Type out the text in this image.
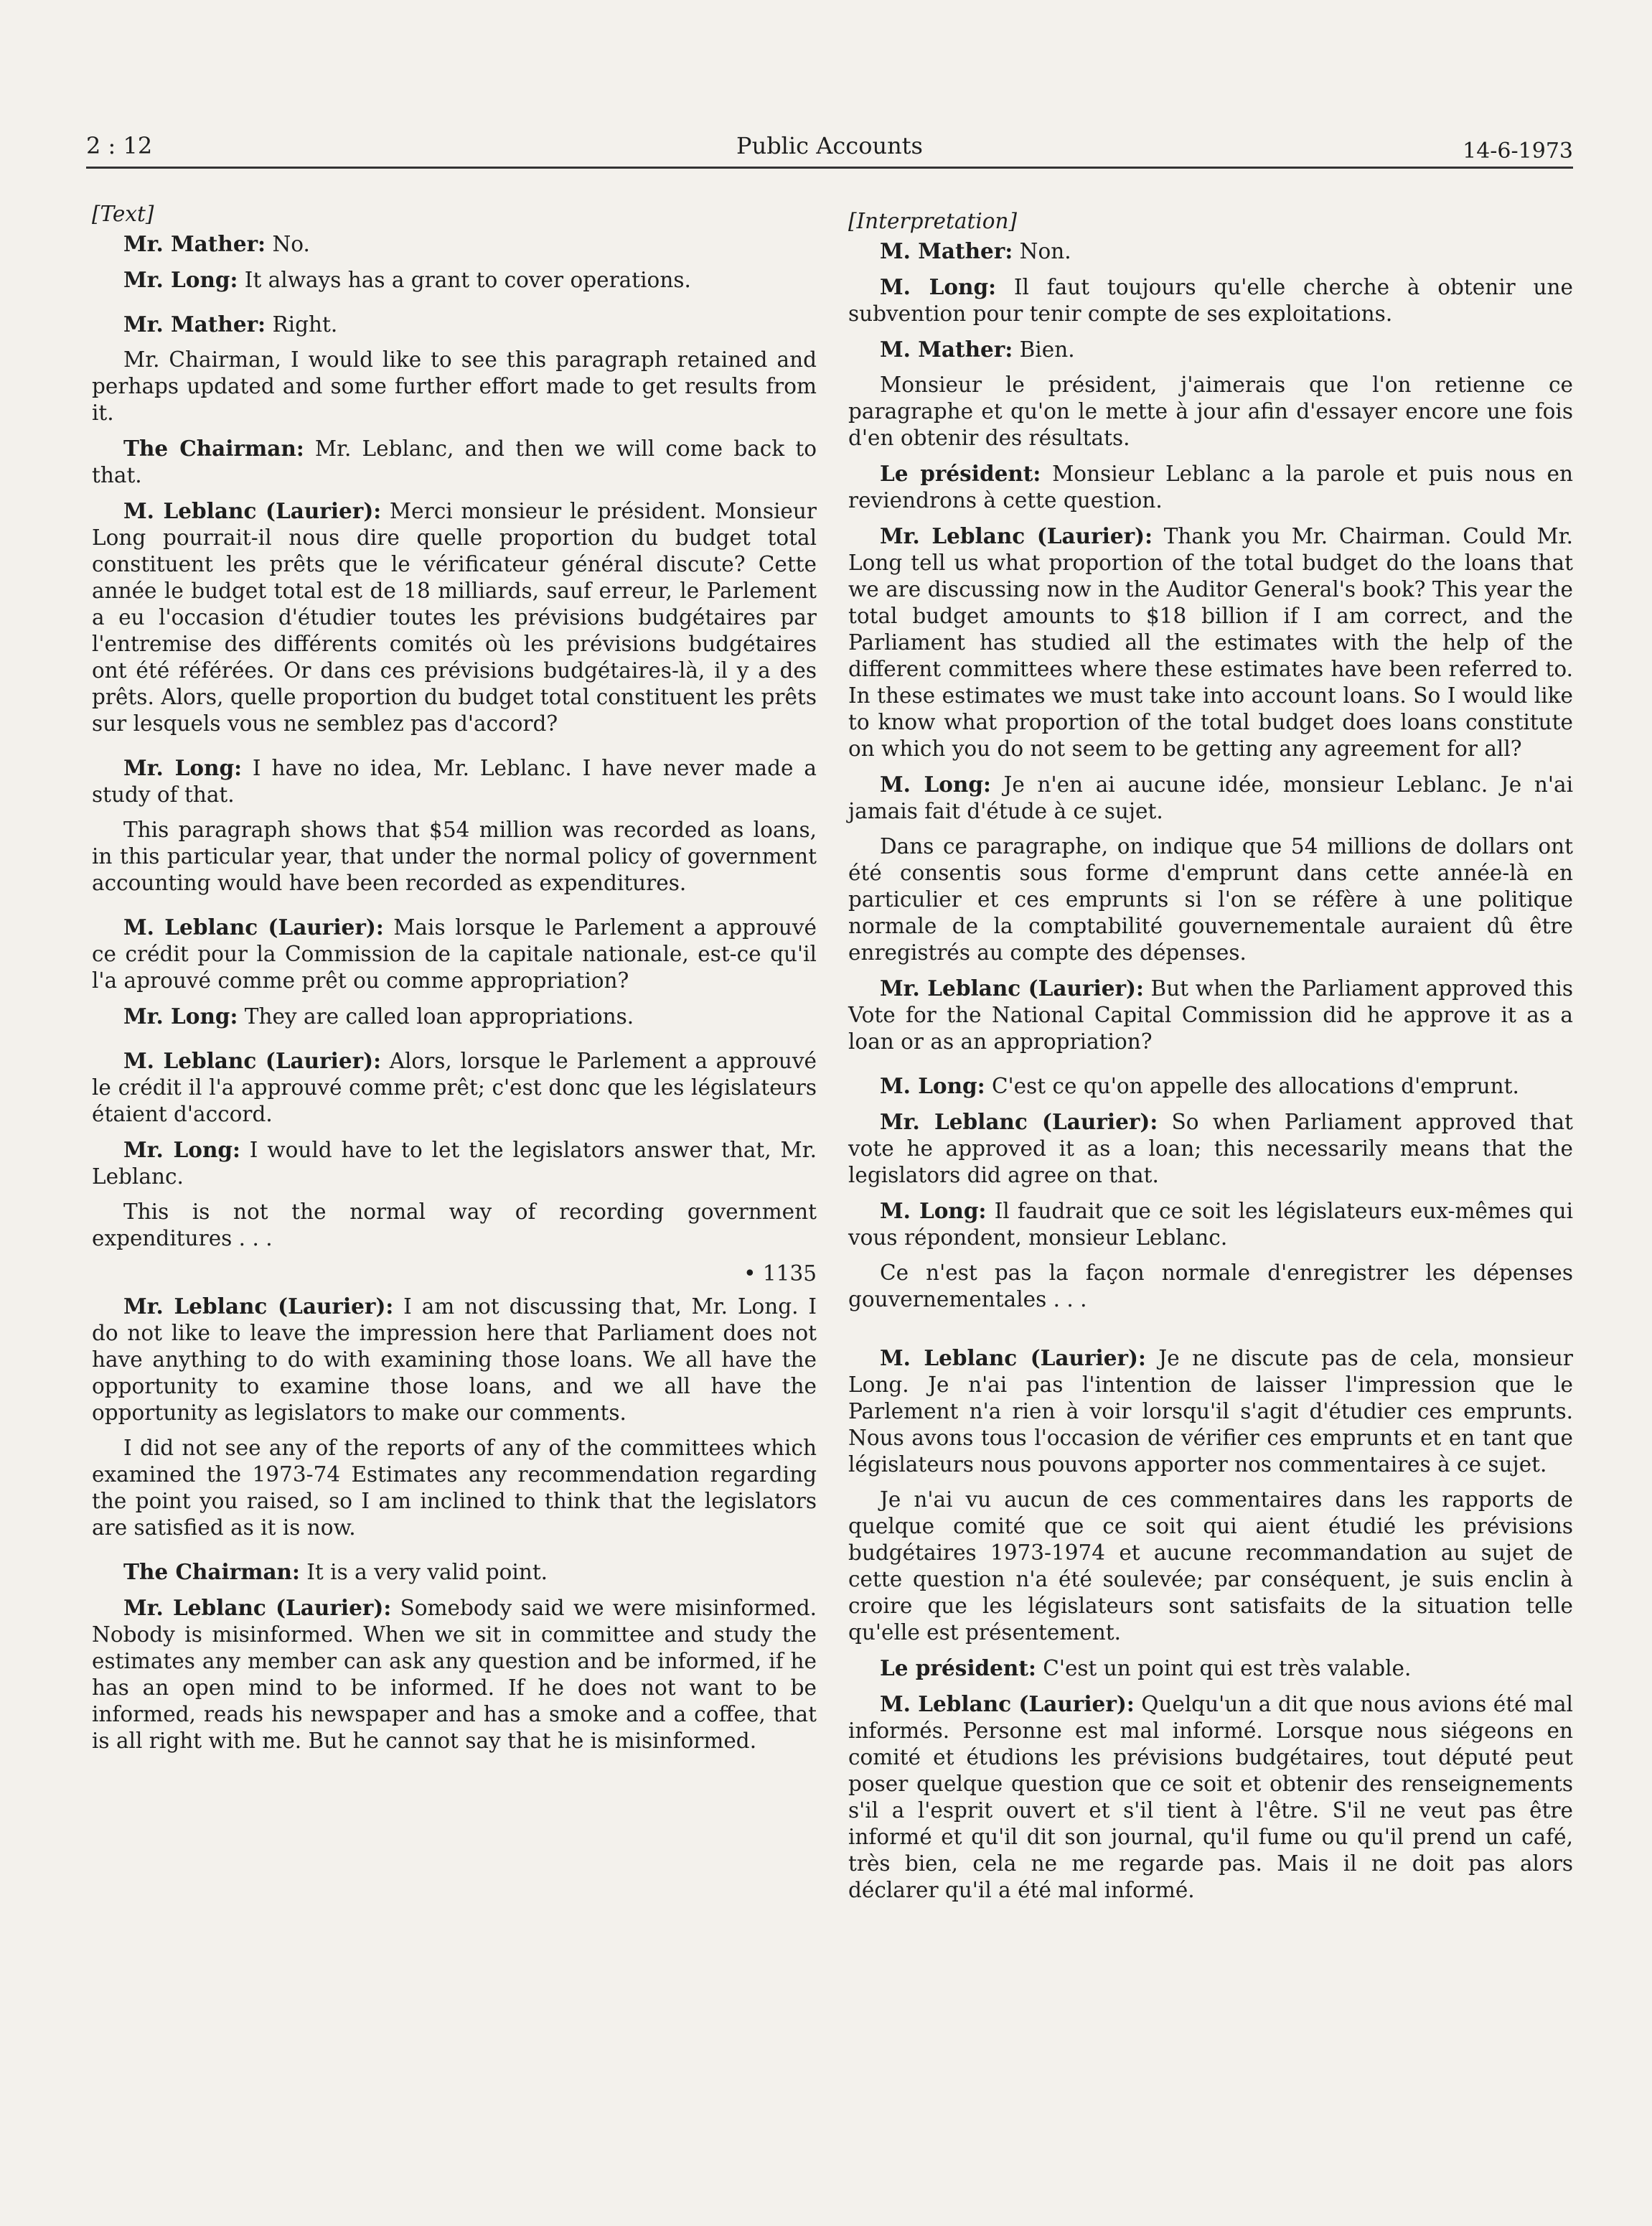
2 : 12	Public Accounts	14-6-1973

[Text]

Mr. Mather: No.

Mr. Long: It always has a grant to cover operations.

Mr. Mather: Right.

Mr. Chairman, I would like to see this paragraph retained and perhaps updated and some further effort made to get results from it.

The Chairman: Mr. Leblanc, and then we will come back to that.

M. Leblanc (Laurier): Merci monsieur le président. Monsieur Long pourrait-il nous dire quelle proportion du budget total constituent les prêts que le vérificateur général discute? Cette année le budget total est de 18 milliards, sauf erreur, le Parlement a eu l'occasion d'étudier toutes les prévisions budgétaires par l'entremise des différents comités où les prévisions budgétaires ont été référées. Or dans ces prévisions budgétaires-là, il y a des prêts. Alors, quelle proportion du budget total constituent les prêts sur lesquels vous ne semblez pas d'accord?

Mr. Long: I have no idea, Mr. Leblanc. I have never made a study of that.

This paragraph shows that $54 million was recorded as loans, in this particular year, that under the normal policy of government accounting would have been recorded as expenditures.

M. Leblanc (Laurier): Mais lorsque le Parlement a approuvé ce crédit pour la Commission de la capitale nationale, est-ce qu'il l'a aprouvé comme prêt ou comme appropriation?

Mr. Long: They are called loan appropriations.

M. Leblanc (Laurier): Alors, lorsque le Parlement a approuvé le crédit il l'a approuvé comme prêt; c'est donc que les législateurs étaient d'accord.

Mr. Long: I would have to let the legislators answer that, Mr. Leblanc.

This is not the normal way of recording government expenditures . . .

• 1135

Mr. Leblanc (Laurier): I am not discussing that, Mr. Long. I do not like to leave the impression here that Parliament does not have anything to do with examining those loans. We all have the opportunity to examine those loans, and we all have the opportunity as legislators to make our comments.

I did not see any of the reports of any of the committees which examined the 1973-74 Estimates any recommendation regarding the point you raised, so I am inclined to think that the legislators are satisfied as it is now.

The Chairman: It is a very valid point.

Mr. Leblanc (Laurier): Somebody said we were misinformed. Nobody is misinformed. When we sit in committee and study the estimates any member can ask any question and be informed, if he has an open mind to be informed. If he does not want to be informed, reads his newspaper and has a smoke and a coffee, that is all right with me. But he cannot say that he is misinformed.

[Interpretation]

M. Mather: Non.

M. Long: Il faut toujours qu'elle cherche à obtenir une subvention pour tenir compte de ses exploitations.

M. Mather: Bien.

Monsieur le président, j'aimerais que l'on retienne ce paragraphe et qu'on le mette à jour afin d'essayer encore une fois d'en obtenir des résultats.

Le président: Monsieur Leblanc a la parole et puis nous en reviendrons à cette question.

Mr. Leblanc (Laurier): Thank you Mr. Chairman. Could Mr. Long tell us what proportion of the total budget do the loans that we are discussing now in the Auditor General's book? This year the total budget amounts to $18 billion if I am correct, and the Parliament has studied all the estimates with the help of the different committees where these estimates have been referred to. In these estimates we must take into account loans. So I would like to know what proportion of the total budget does loans constitute on which you do not seem to be getting any agreement for all?

M. Long: Je n'en ai aucune idée, monsieur Leblanc. Je n'ai jamais fait d'étude à ce sujet.

Dans ce paragraphe, on indique que 54 millions de dollars ont été consentis sous forme d'emprunt dans cette année-là en particulier et ces emprunts si l'on se réfère à une politique normale de la comptabilité gouvernementale auraient dû être enregistrés au compte des dépenses.

Mr. Leblanc (Laurier): But when the Parliament approved this Vote for the National Capital Commission did he approve it as a loan or as an appropriation?

M. Long: C'est ce qu'on appelle des allocations d'emprunt.

Mr. Leblanc (Laurier): So when Parliament approved that vote he approved it as a loan; this necessarily means that the legislators did agree on that.

M. Long: Il faudrait que ce soit les législateurs eux-mêmes qui vous répondent, monsieur Leblanc.

Ce n'est pas la façon normale d'enregistrer les dépenses gouvernementales . . .

M. Leblanc (Laurier): Je ne discute pas de cela, monsieur Long. Je n'ai pas l'intention de laisser l'impression que le Parlement n'a rien à voir lorsqu'il s'agit d'étudier ces emprunts. Nous avons tous l'occasion de vérifier ces emprunts et en tant que législateurs nous pouvons apporter nos commentaires à ce sujet.

Je n'ai vu aucun de ces commentaires dans les rapports de quelque comité que ce soit qui aient étudié les prévisions budgétaires 1973-1974 et aucune recommandation au sujet de cette question n'a été soulevée; par conséquent, je suis enclin à croire que les législateurs sont satisfaits de la situation telle qu'elle est présentement.

Le président: C'est un point qui est très valable.

M. Leblanc (Laurier): Quelqu'un a dit que nous avions été mal informés. Personne est mal informé. Lorsque nous siégeons en comité et étudions les prévisions budgétaires, tout député peut poser quelque question que ce soit et obtenir des renseignements s'il a l'esprit ouvert et s'il tient à l'être. S'il ne veut pas être informé et qu'il dit son journal, qu'il fume ou qu'il prend un café, très bien, cela ne me regarde pas. Mais il ne doit pas alors déclarer qu'il a été mal informé.
